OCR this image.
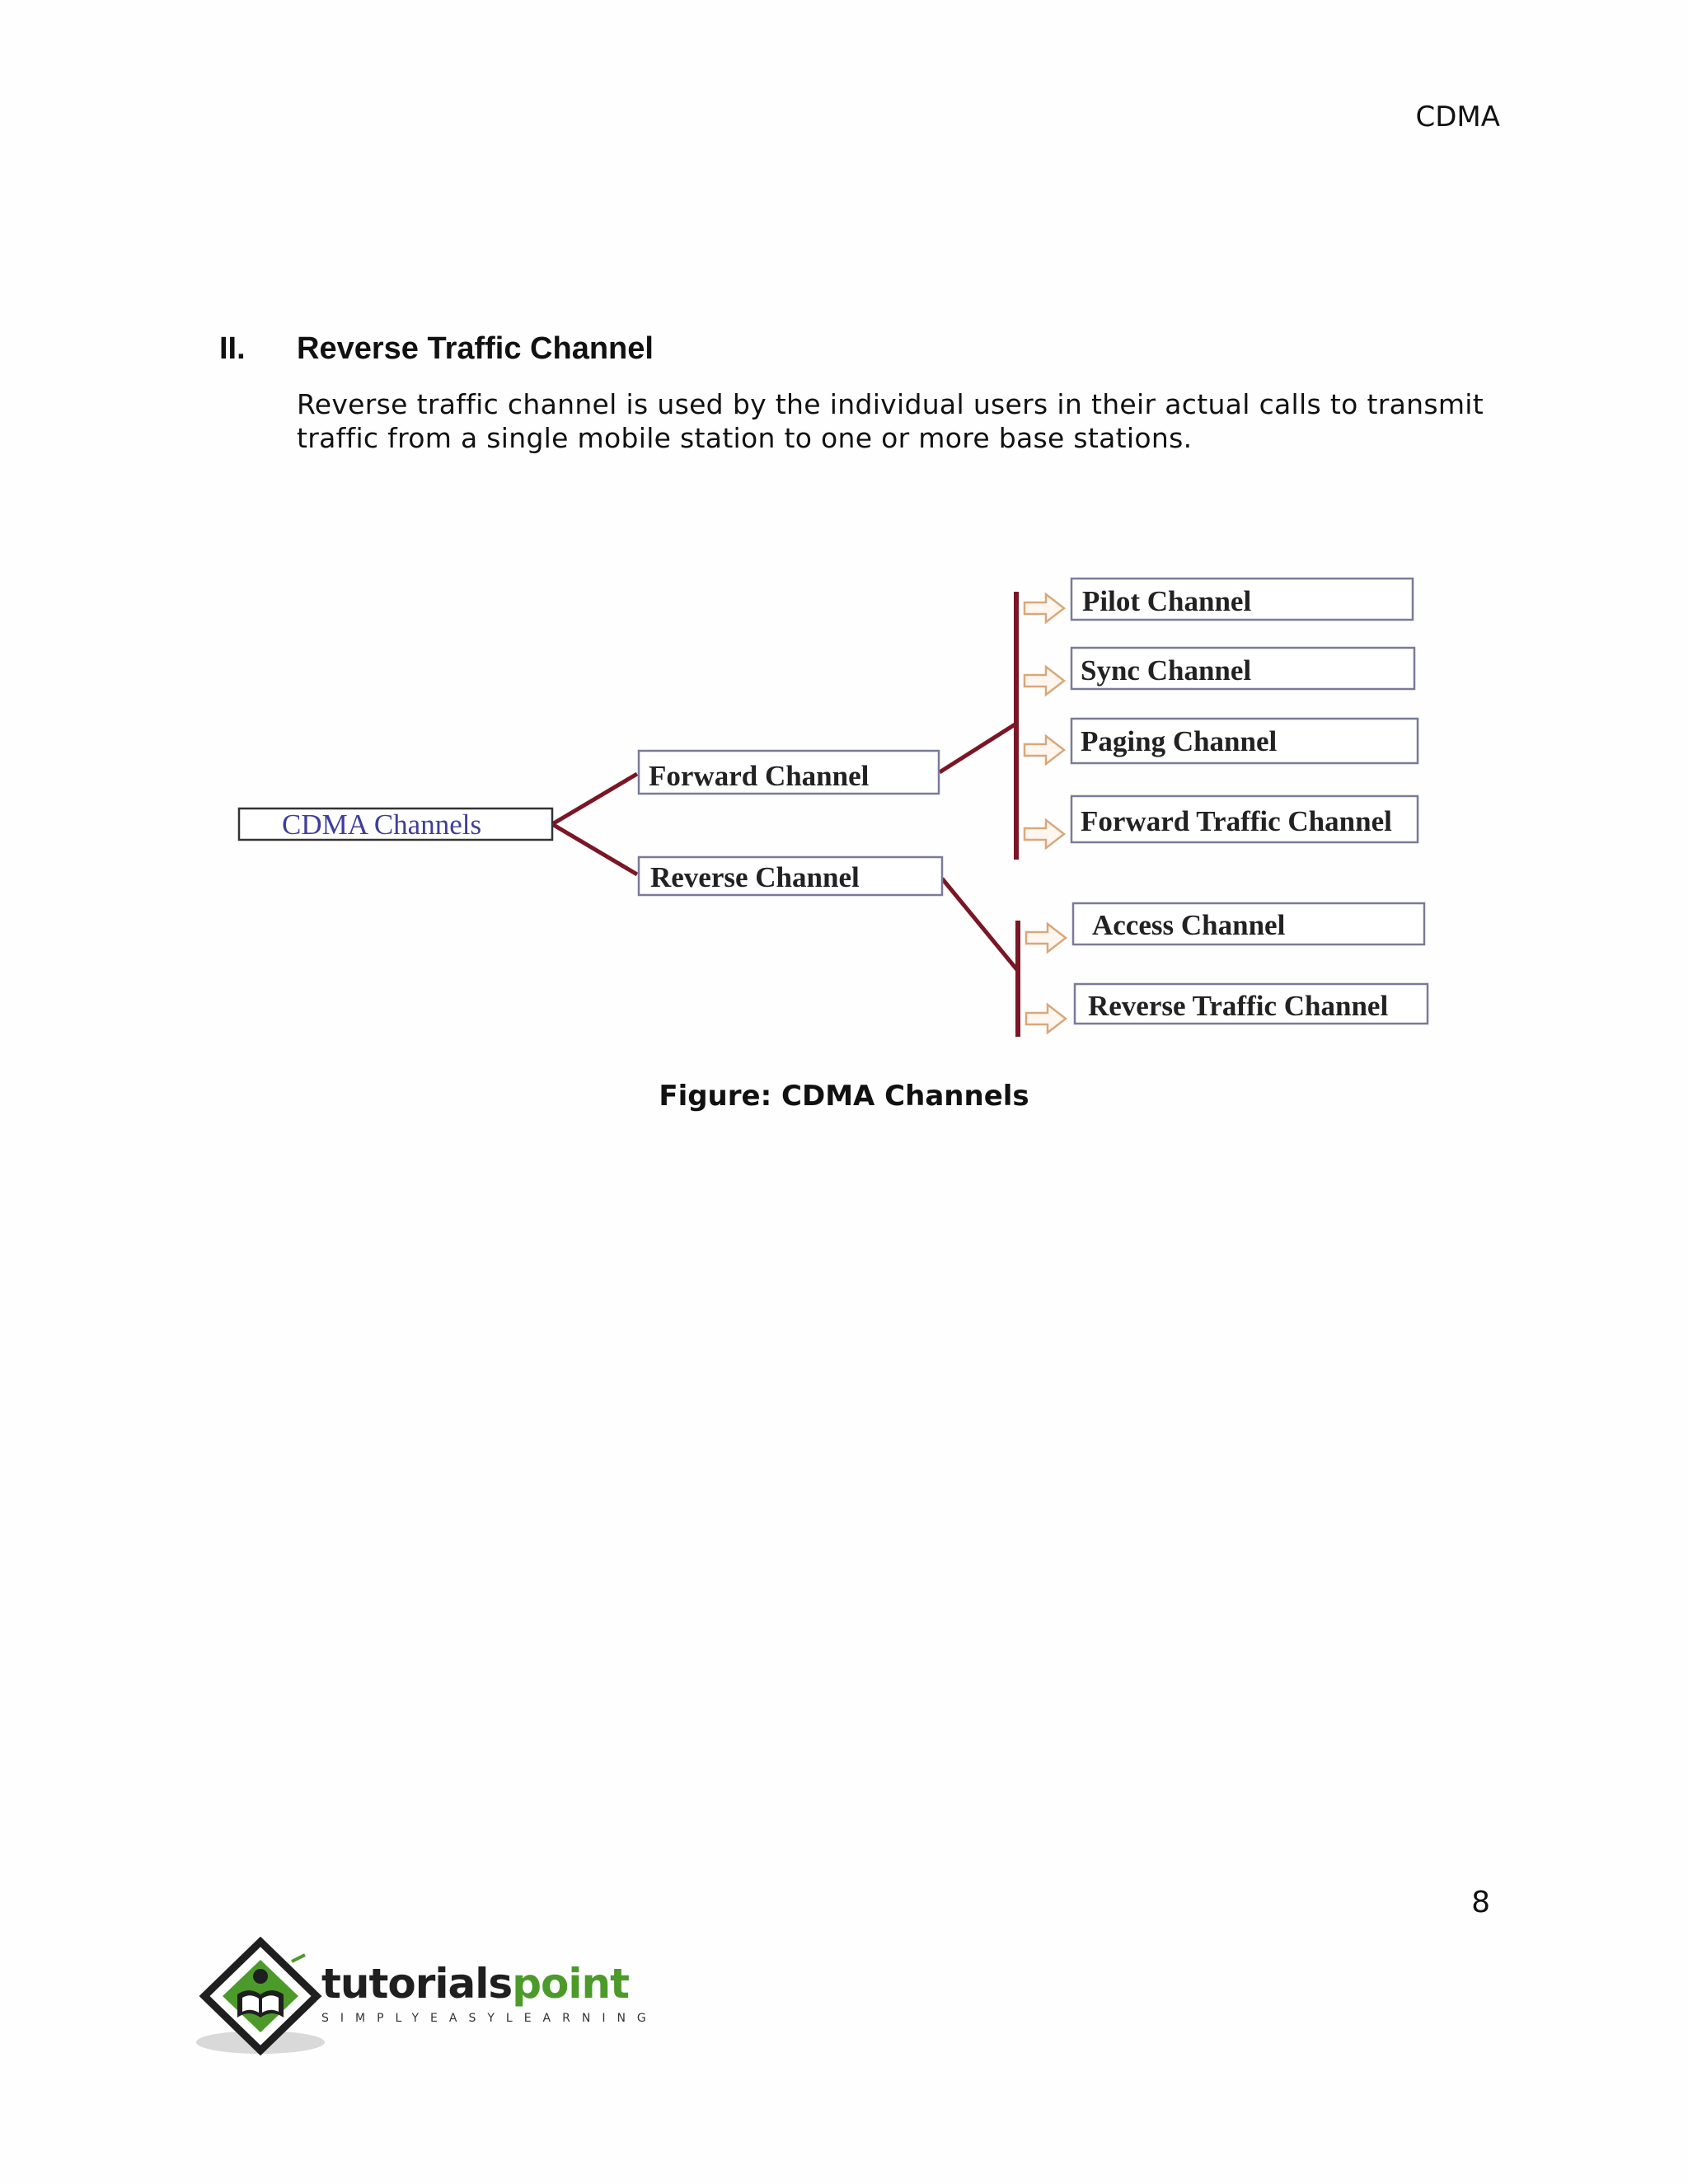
CDMA
II. Reverse Traffic Channel
Reverse traffic channel is used by the individual users in their actual calls to transmit traffic from a single mobile station to one or more base stations.
CDMA Channels
Forward Channel
Reverse Channel
Pilot Channel
Sync Channel
Paging Channel
Forward Traffic Channel
Access Channel
Reverse Traffic Channel
Figure: CDMA Channels
8
tutorialspoint
SIMPLYEASYLEARNING
